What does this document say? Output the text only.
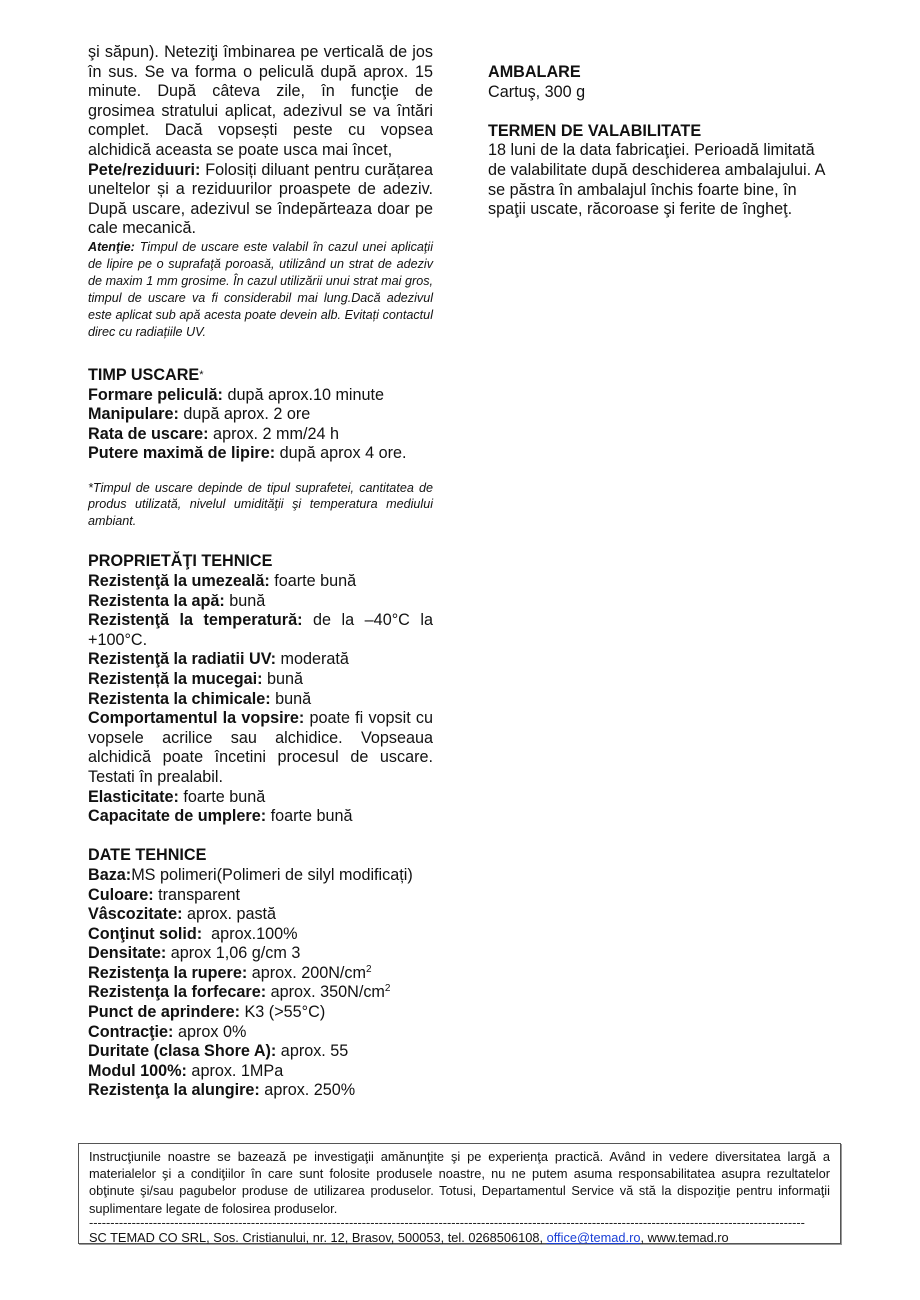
şi săpun). Neteziţi îmbinarea pe verticală de jos în sus. Se va forma o peliculă după aprox. 15 minute. După câteva zile, în funcţie de grosimea stratului aplicat, adezivul se va întări complet. Dacă vopsești peste cu vopsea alchidică aceasta se poate usca mai încet,

Pete/reziduuri: Folosiți diluant pentru curățarea uneltelor și a reziduurilor proaspete de adeziv. După uscare, adezivul se îndepărteaza doar pe cale mecanică.

Atenţie: Timpul de uscare este valabil în cazul unei aplicaţii de lipire pe o suprafaţă poroasă, utilizând un strat de adeziv de maxim 1 mm grosime. În cazul utilizării unui strat mai gros, timpul de uscare va fi considerabil mai lung.Dacă adezivul este aplicat sub apă acesta poate devein alb. Evitați contactul direc cu radiațiile UV.

TIMP USCARE*

Formare peliculă: după aprox.10 minute

Manipulare: după aprox. 2 ore

Rata de uscare: aprox. 2 mm/24 h

Putere maximă de lipire: după aprox 4 ore.

*Timpul de uscare depinde de tipul suprafetei, cantitatea de produs utilizată, nivelul umidităţii şi temperatura mediului ambiant.

PROPRIETĂŢI TEHNICE

Rezistenţă la umezeală: foarte bună

Rezistenta la apă: bună

Rezistenţă la temperatură: de la –40°C la +100°C.

Rezistenţă la radiatii UV: moderată

Rezistență la mucegai: bună

Rezistenta la chimicale: bună

Comportamentul la vopsire: poate fi vopsit cu vopsele acrilice sau alchidice. Vopseaua alchidică poate încetini procesul de uscare. Testati în prealabil.

Elasticitate: foarte bună

Capacitate de umplere: foarte bună

DATE TEHNICE

Baza:MS polimeri(Polimeri de silyl modificați)

Culoare: transparent

Vâscozitate: aprox. pastă

Conţinut solid:  aprox.100%

Densitate: aprox 1,06 g/cm 3

Rezistenţa la rupere: aprox. $200N/cm^2$

Rezistenţa la forfecare: aprox. $350N/cm^2$

Punct de aprindere: K3 (>55°C)

Contracţie: aprox 0%

Duritate (clasa Shore A): aprox. 55

Modul 100%: aprox. 1MPa

Rezistenţa la alungire: aprox. 250%

AMBALARE

Cartuş, 300 g

TERMEN DE VALABILITATE

18 luni de la data fabricaţiei. Perioadă limitată de valabilitate după deschiderea ambalajului. A se păstra în ambalajul închis foarte bine, în spaţii uscate, răcoroase şi ferite de îngheţ.

Instrucţiunile noastre se bazează pe investigaţii amănunţite şi pe experienţa practică. Având in vedere diversitatea largă a materialelor şi a condiţiilor în care sunt folosite produsele noastre, nu ne putem asuma responsabilitatea asupra rezultatelor obţinute şi/sau pagubelor produse de utilizarea produselor. Totusi, Departamentul Service vă stă la dispoziţie pentru informaţii suplimentare legate de folosirea produselor.

------------------------------------------------------------------------------------------------------------------------------------------------------------------------

SC TEMAD CO SRL, Sos. Cristianului, nr. 12, Brasov, 500053, tel. 0268506108, office@temad.ro, www.temad.ro
